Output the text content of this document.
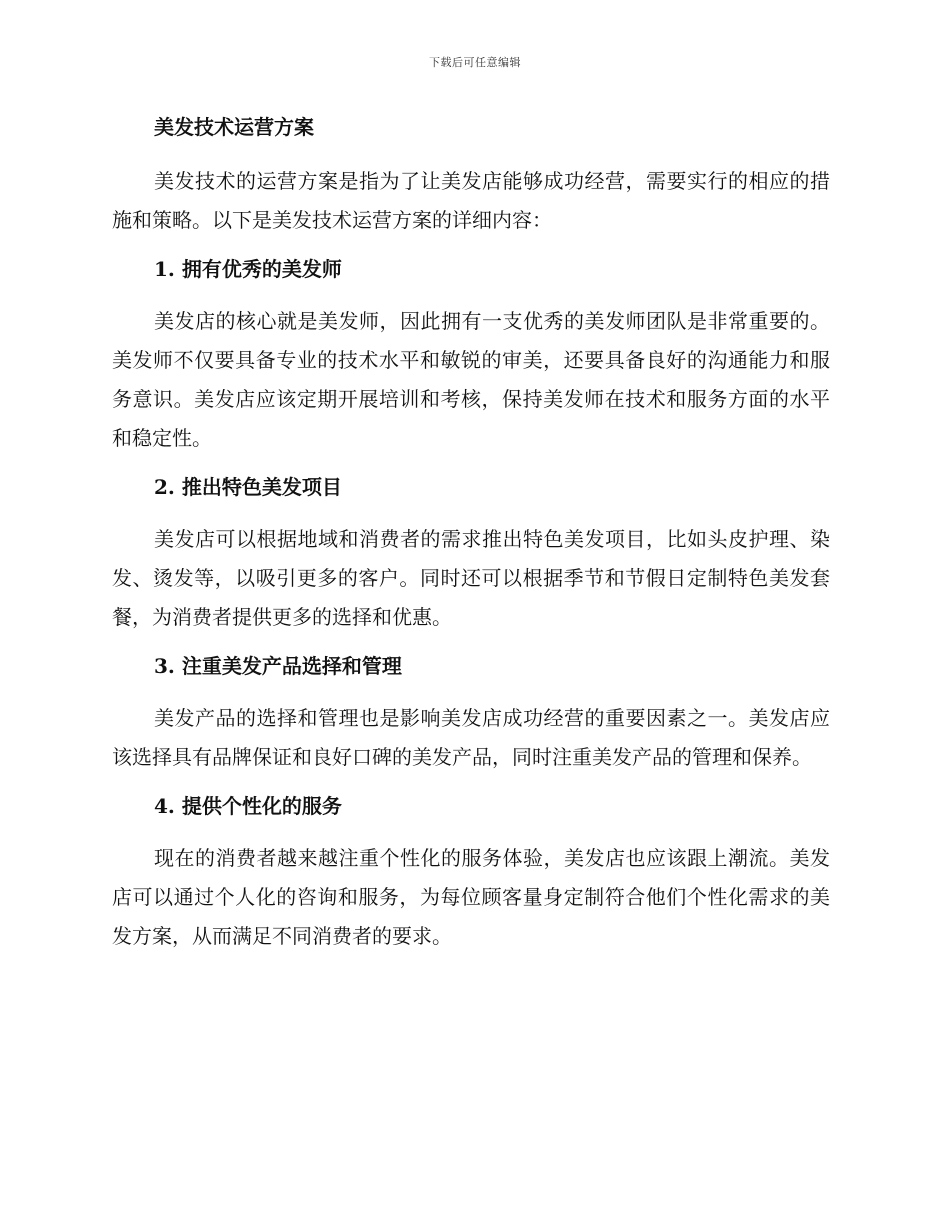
下载后可任意编辑
美发技术运营方案

美发技术的运营方案是指为了让美发店能够成功经营，需要实行的相应的措施和策略。以下是美发技术运营方案的详细内容：

1. 拥有优秀的美发师

美发店的核心就是美发师，因此拥有一支优秀的美发师团队是非常重要的。美发师不仅要具备专业的技术水平和敏锐的审美，还要具备良好的沟通能力和服务意识。美发店应该定期开展培训和考核，保持美发师在技术和服务方面的水平和稳定性。

2. 推出特色美发项目

美发店可以根据地域和消费者的需求推出特色美发项目，比如头皮护理、染发、烫发等，以吸引更多的客户。同时还可以根据季节和节假日定制特色美发套餐，为消费者提供更多的选择和优惠。

3. 注重美发产品选择和管理

美发产品的选择和管理也是影响美发店成功经营的重要因素之一。美发店应该选择具有品牌保证和良好口碑的美发产品，同时注重美发产品的管理和保养。

4. 提供个性化的服务

现在的消费者越来越注重个性化的服务体验，美发店也应该跟上潮流。美发店可以通过个人化的咨询和服务，为每位顾客量身定制符合他们个性化需求的美发方案，从而满足不同消费者的要求。
